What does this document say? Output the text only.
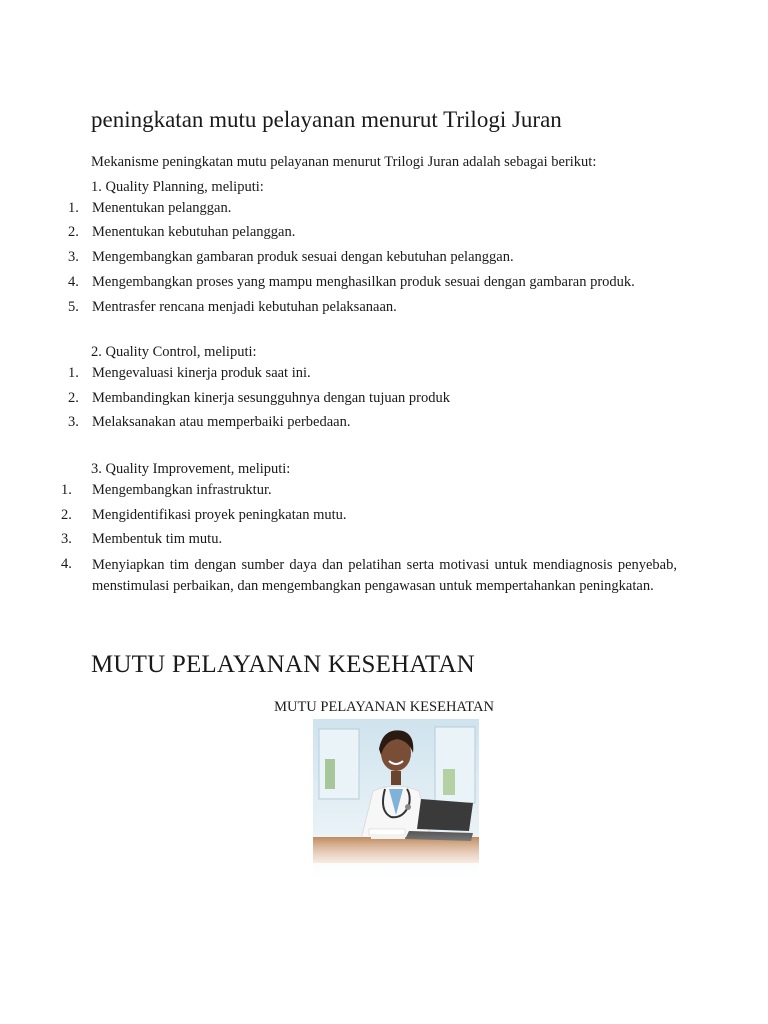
peningkatan mutu pelayanan menurut Trilogi Juran

Mekanisme peningkatan mutu pelayanan menurut Trilogi Juran adalah sebagai berikut:

1. Quality Planning, meliputi:

1. Menentukan pelanggan.
2. Menentukan kebutuhan pelanggan.
3. Mengembangkan gambaran produk sesuai dengan kebutuhan pelanggan.
4. Mengembangkan proses yang mampu menghasilkan produk sesuai dengan gambaran produk.
5. Mentrasfer rencana menjadi kebutuhan pelaksanaan.

2. Quality Control, meliputi:

1. Mengevaluasi kinerja produk saat ini.
2. Membandingkan kinerja sesungguhnya dengan tujuan produk
3. Melaksanakan atau memperbaiki perbedaan.

3. Quality Improvement, meliputi:

1. Mengembangkan infrastruktur.
2. Mengidentifikasi proyek peningkatan mutu.
3. Membentuk tim mutu.
4. Menyiapkan tim dengan sumber daya dan pelatihan serta motivasi untuk mendiagnosis penyebab, menstimulasi perbaikan, dan mengembangkan pengawasan untuk mempertahankan peningkatan.
MUTU PELAYANAN KESEHATAN
MUTU PELAYANAN KESEHATAN
